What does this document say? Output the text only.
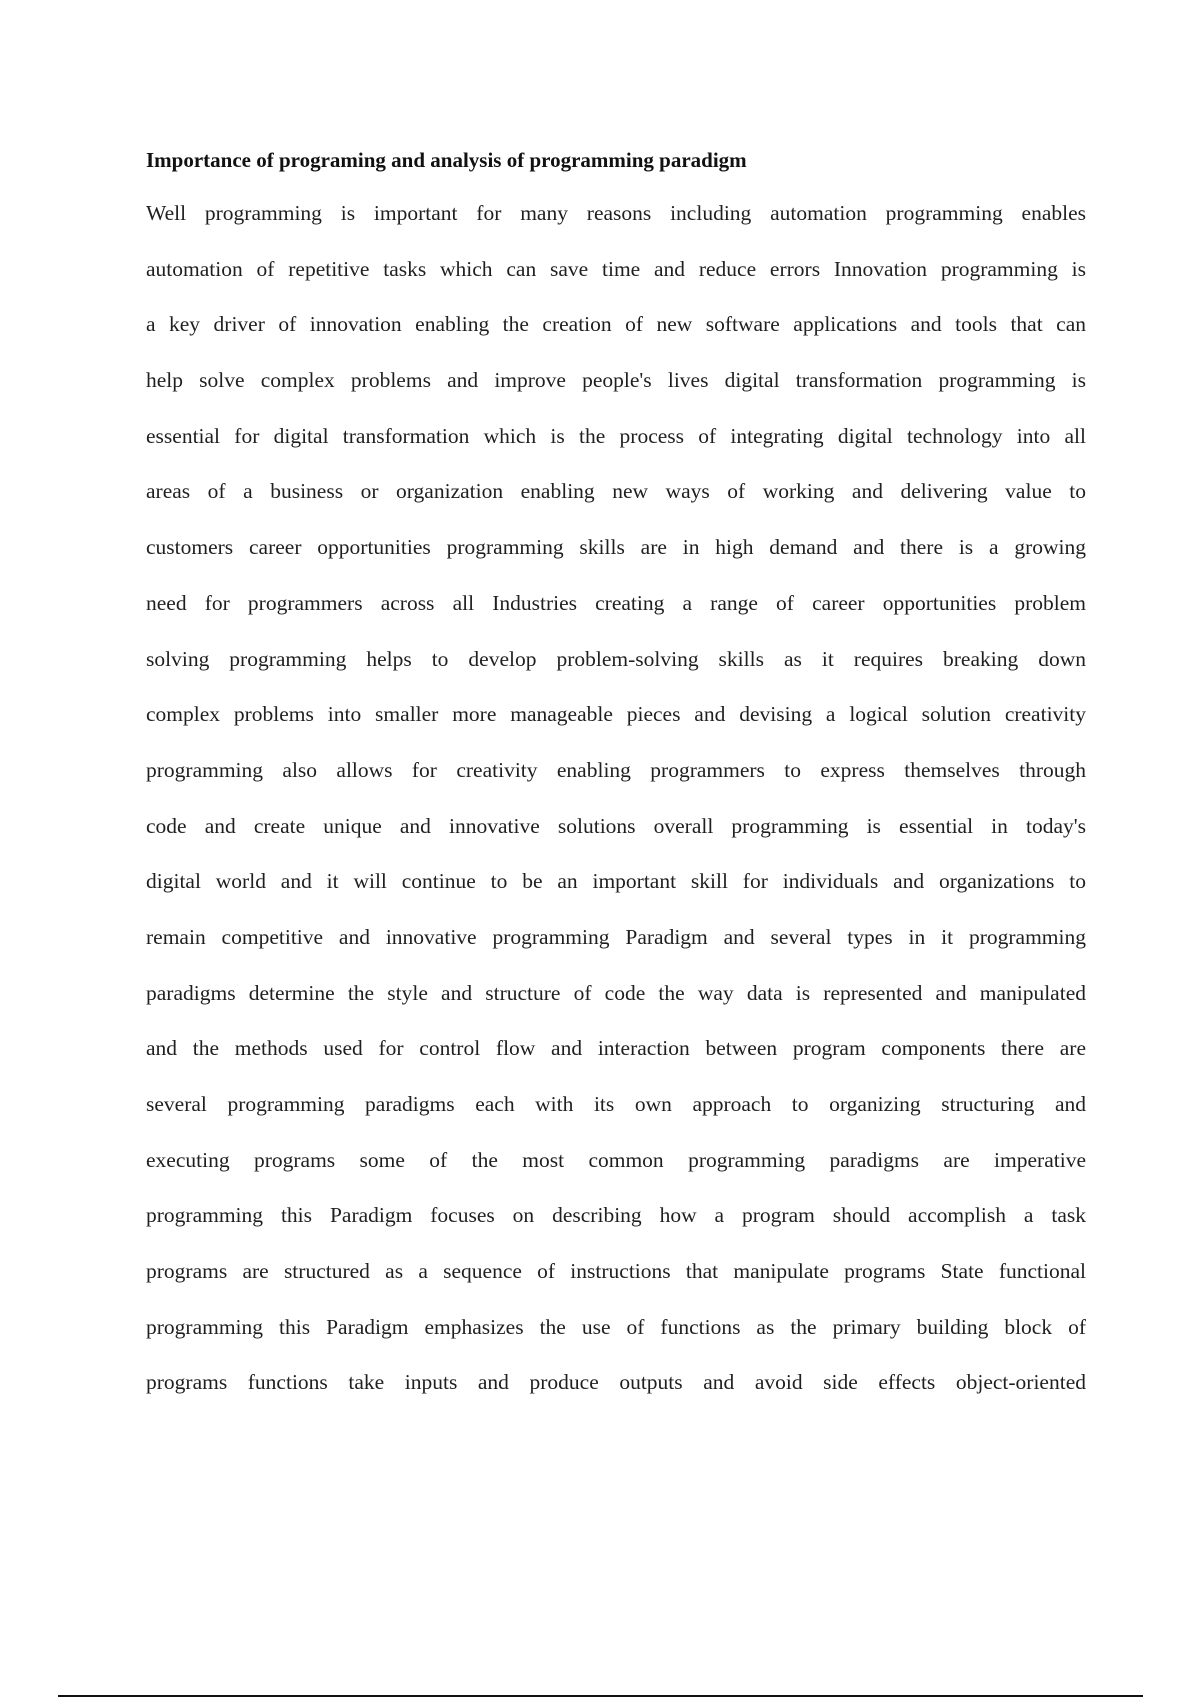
Importance of programing and analysis of programming paradigm
Well programming is important for many reasons including automation programming enables
automation of repetitive tasks which can save time and reduce errors Innovation programming is
a key driver of innovation enabling the creation of new software applications and tools that can
help solve complex problems and improve people's lives digital transformation programming is
essential for digital transformation which is the process of integrating digital technology into all
areas of a business or organization enabling new ways of working and delivering value to
customers career opportunities programming skills are in high demand and there is a growing
need for programmers across all Industries creating a range of career opportunities problem
solving programming helps to develop problem-solving skills as it requires breaking down
complex problems into smaller more manageable pieces and devising a logical solution creativity
programming also allows for creativity enabling programmers to express themselves through
code and create unique and innovative solutions overall programming is essential in today's
digital world and it will continue to be an important skill for individuals and organizations to
remain competitive and innovative programming Paradigm and several types in it programming
paradigms determine the style and structure of code the way data is represented and manipulated
and the methods used for control flow and interaction between program components there are
several programming paradigms each with its own approach to organizing structuring and
executing programs some of the most common programming paradigms are imperative
programming this Paradigm focuses on describing how a program should accomplish a task
programs are structured as a sequence of instructions that manipulate programs State functional
programming this Paradigm emphasizes the use of functions as the primary building block of
programs functions take inputs and produce outputs and avoid side effects object-oriented
